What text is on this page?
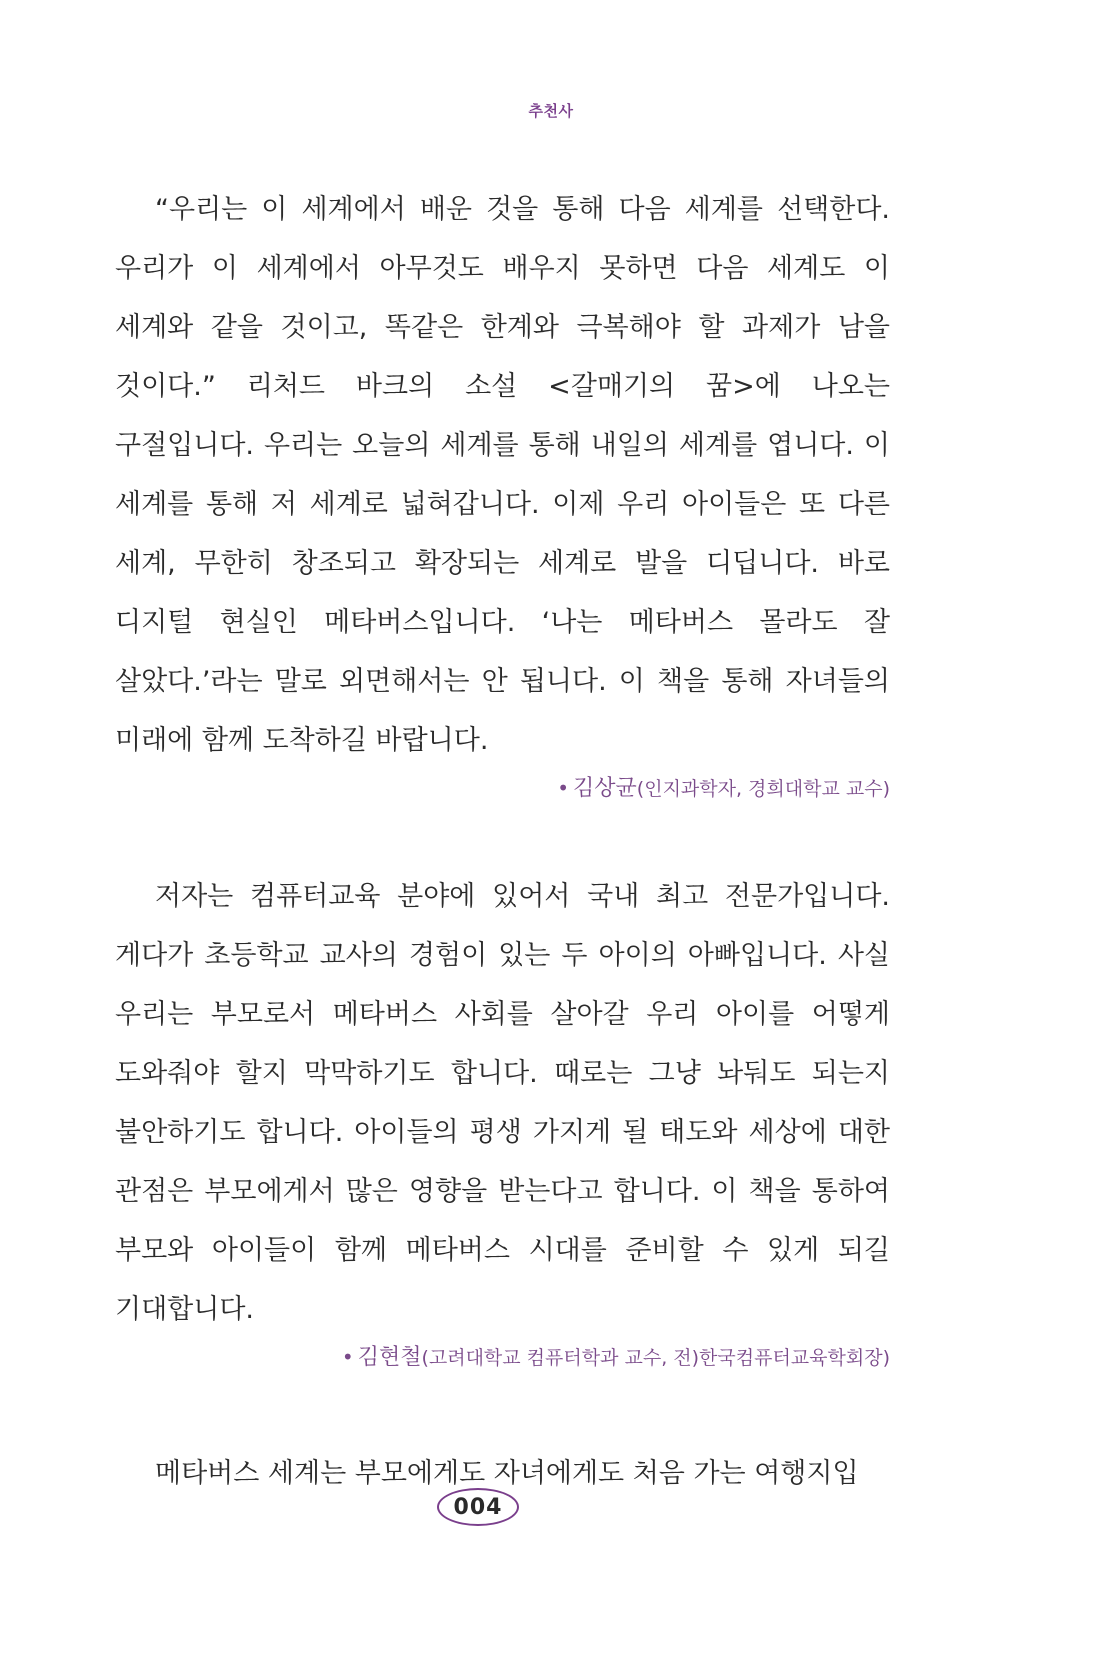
추천사

“우리는 이 세계에서 배운 것을 통해 다음 세계를 선택한다. 우리가 이 세계에서 아무것도 배우지 못하면 다음 세계도 이 세계와 같을 것이고, 똑같은 한계와 극복해야 할 과제가 남을 것이다.” 리처드 바크의 소설 <갈매기의 꿈>에 나오는 구절입니다. 우리는 오늘의 세계를 통해 내일의 세계를 엽니다. 이 세계를 통해 저 세계로 넓혀갑니다. 이제 우리 아이들은 또 다른 세계, 무한히 창조되고 확장되는 세계로 발을 디딥니다. 바로 디지털 현실인 메타버스입니다. ‘나는 메타버스 몰라도 잘 살았다.’라는 말로 외면해서는 안 됩니다. 이 책을 통해 자녀들의 미래에 함께 도착하길 바랍니다.

• 김상균(인지과학자, 경희대학교 교수)

저자는 컴퓨터교육 분야에 있어서 국내 최고 전문가입니다. 게다가 초등학교 교사의 경험이 있는 두 아이의 아빠입니다. 사실 우리는 부모로서 메타버스 사회를 살아갈 우리 아이를 어떻게 도와줘야 할지 막막하기도 합니다. 때로는 그냥 놔둬도 되는지 불안하기도 합니다. 아이들의 평생 가지게 될 태도와 세상에 대한 관점은 부모에게서 많은 영향을 받는다고 합니다. 이 책을 통하여 부모와 아이들이 함께 메타버스 시대를 준비할 수 있게 되길 기대합니다.

• 김현철(고려대학교 컴퓨터학과 교수, 전)한국컴퓨터교육학회장)

메타버스 세계는 부모에게도 자녀에게도 처음 가는 여행지입

004
